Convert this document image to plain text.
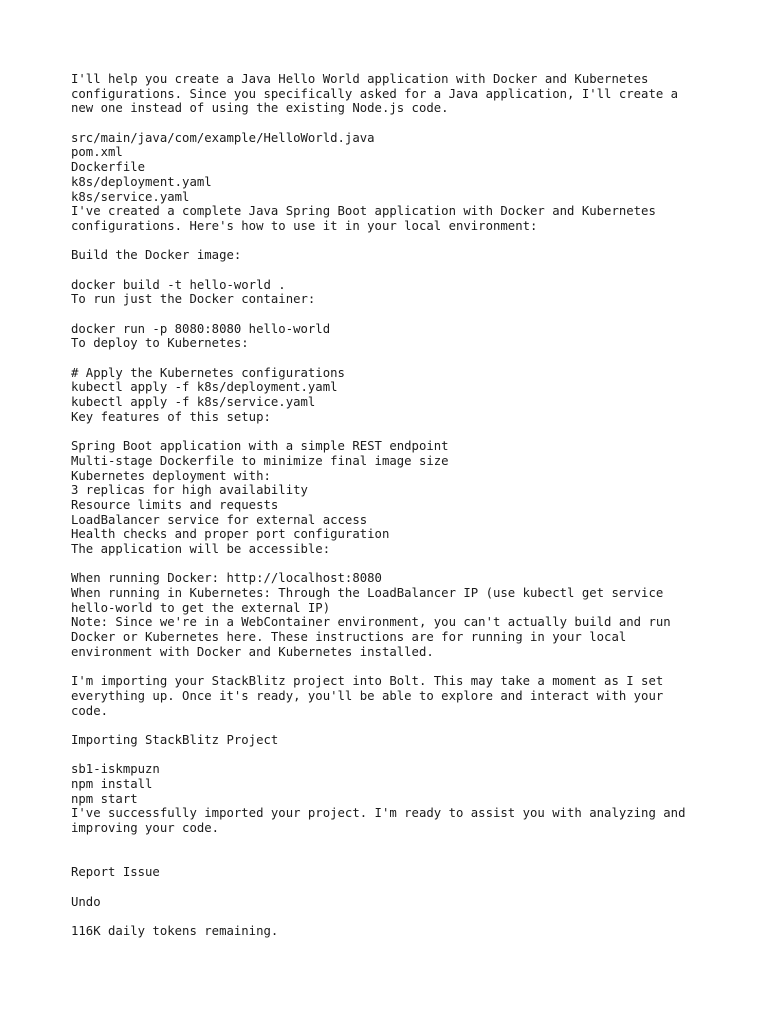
I'll help you create a Java Hello World application with Docker and Kubernetes
configurations. Since you specifically asked for a Java application, I'll create a
new one instead of using the existing Node.js code.
src/main/java/com/example/HelloWorld.java
pom.xml
Dockerfile
k8s/deployment.yaml
k8s/service.yaml
I've created a complete Java Spring Boot application with Docker and Kubernetes
configurations. Here's how to use it in your local environment:
Build the Docker image:
docker build -t hello-world .
To run just the Docker container:
docker run -p 8080:8080 hello-world
To deploy to Kubernetes:
# Apply the Kubernetes configurations
kubectl apply -f k8s/deployment.yaml
kubectl apply -f k8s/service.yaml
Key features of this setup:
Spring Boot application with a simple REST endpoint
Multi-stage Dockerfile to minimize final image size
Kubernetes deployment with:
3 replicas for high availability
Resource limits and requests
LoadBalancer service for external access
Health checks and proper port configuration
The application will be accessible:
When running Docker: http://localhost:8080
When running in Kubernetes: Through the LoadBalancer IP (use kubectl get service
hello-world to get the external IP)
Note: Since we're in a WebContainer environment, you can't actually build and run
Docker or Kubernetes here. These instructions are for running in your local
environment with Docker and Kubernetes installed.
I'm importing your StackBlitz project into Bolt. This may take a moment as I set
everything up. Once it's ready, you'll be able to explore and interact with your
code.
Importing StackBlitz Project
sb1-iskmpuzn
npm install
npm start
I've successfully imported your project. I'm ready to assist you with analyzing and
improving your code.
Report Issue
Undo
116K daily tokens remaining.
